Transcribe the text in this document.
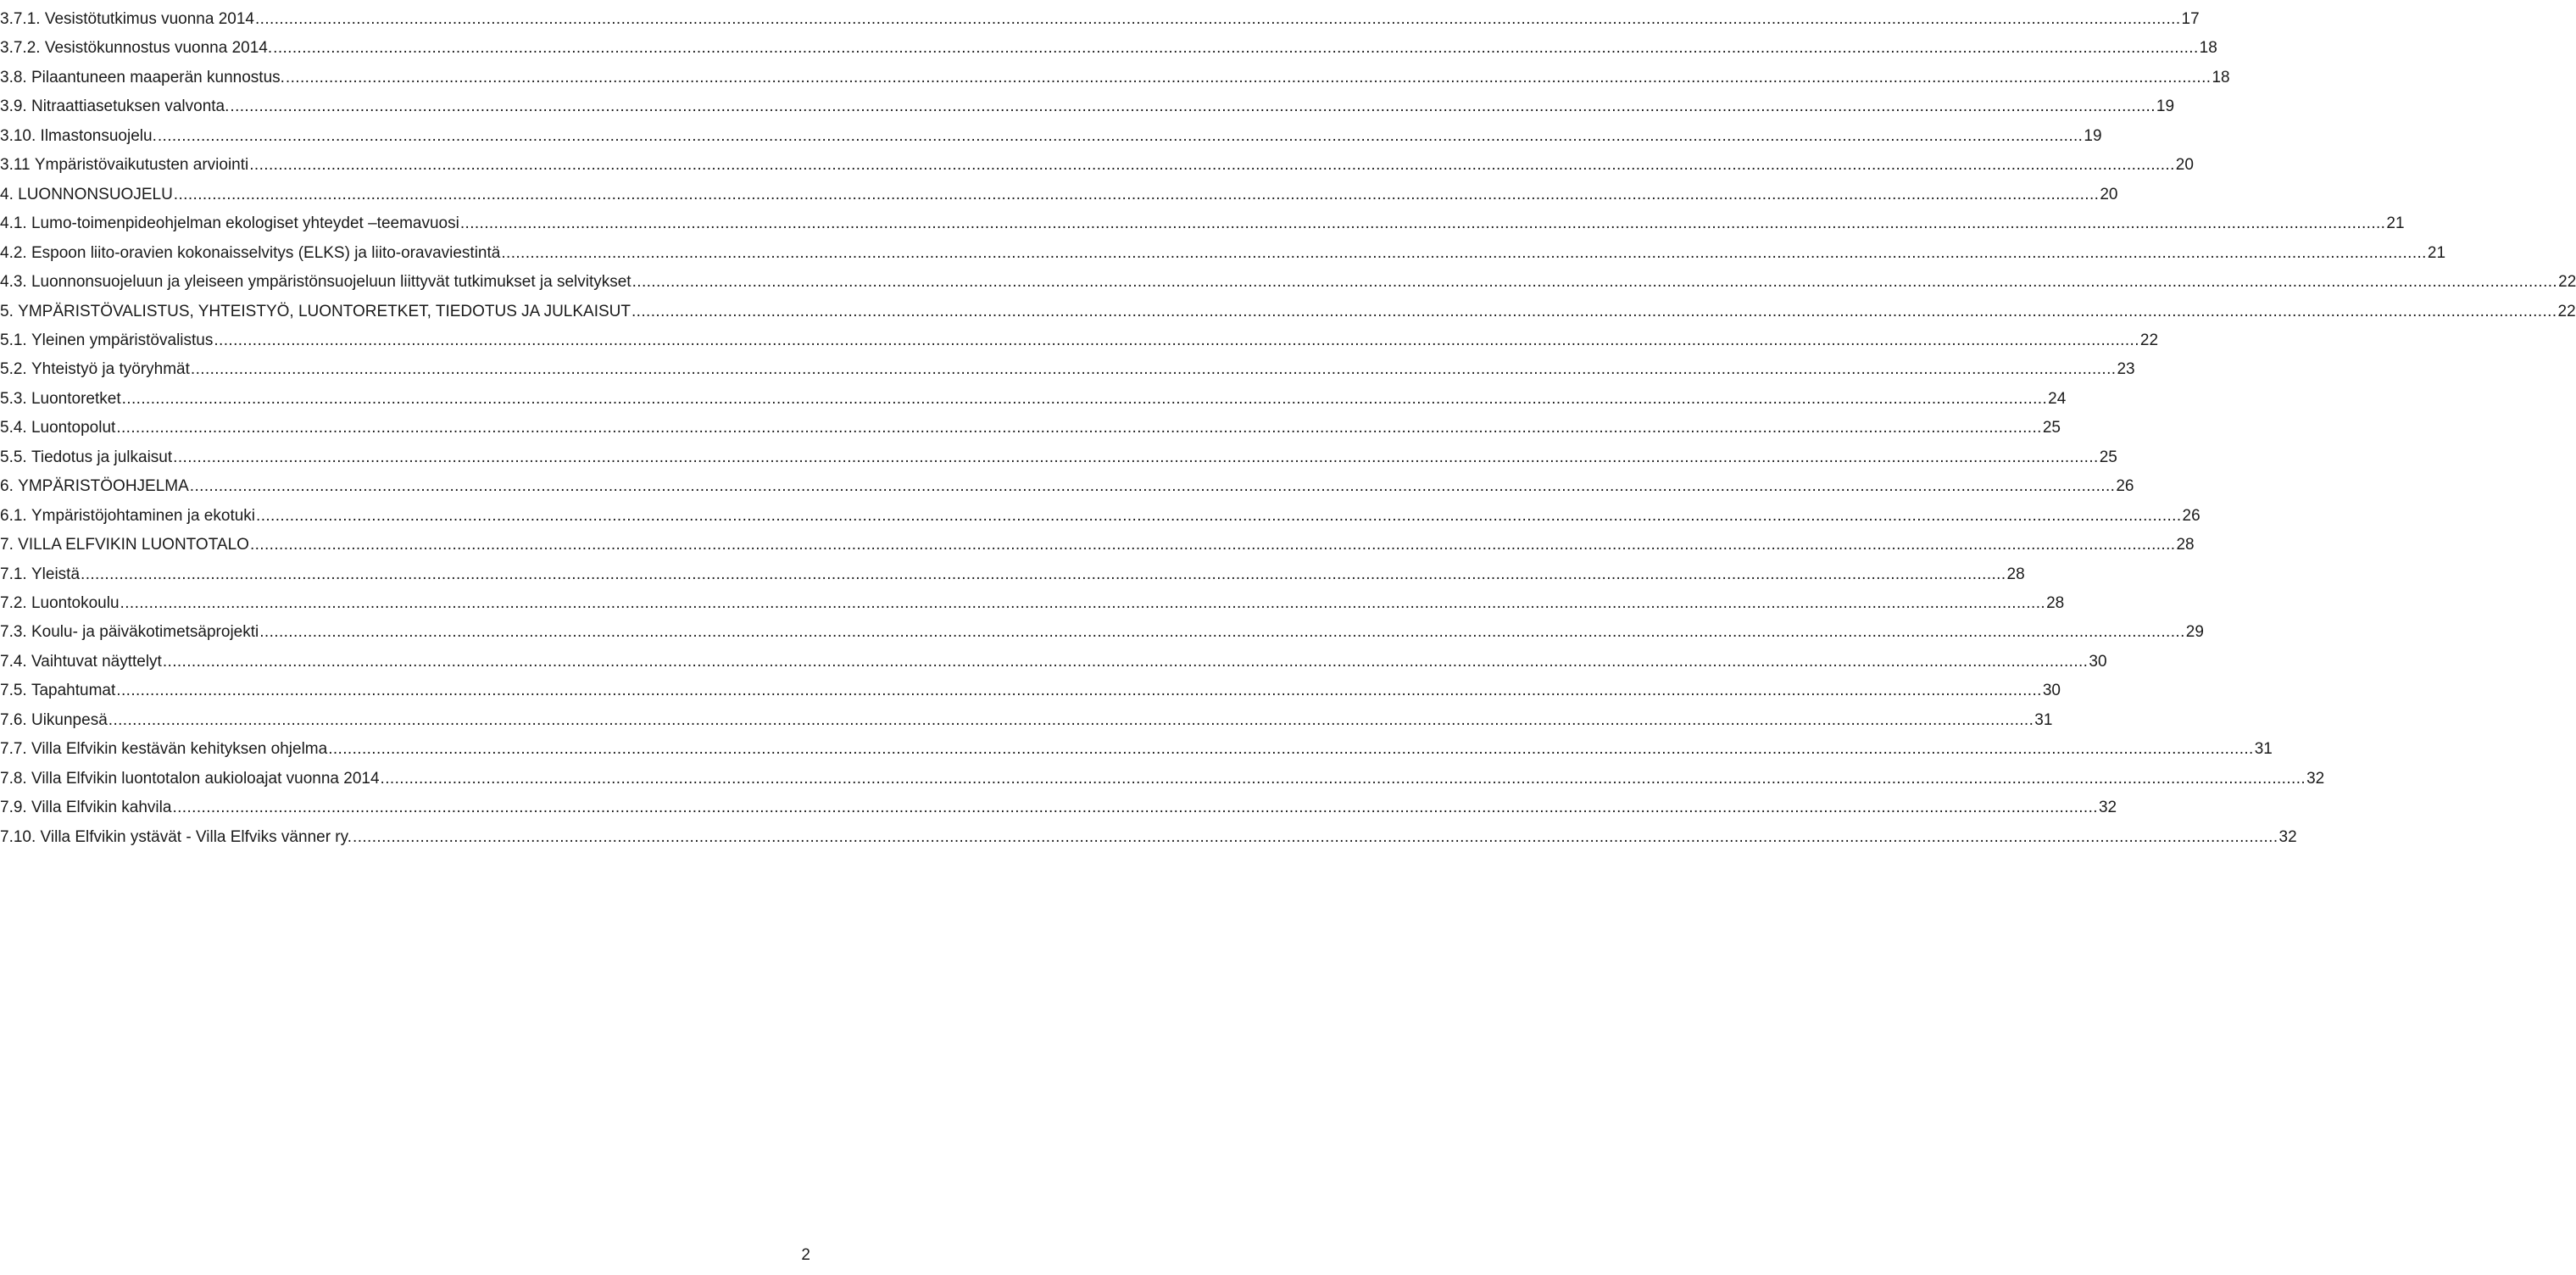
3.7.1.
Vesistötutkimus vuonna 2014 ................................................................................................................................................................................................................................................................................................................................................................................................................ 17
3.7.2.
Vesistökunnostus vuonna 2014. ................................................................................................................................................................................................................................................................................................................................................................................................................ 18
3.8.
Pilaantuneen maaperän kunnostus. ................................................................................................................................................................................................................................................................................................................................................................................................................ 18
3.9.
Nitraattiasetuksen valvonta. ................................................................................................................................................................................................................................................................................................................................................................................................................ 19
3.10.
Ilmastonsuojelu. ................................................................................................................................................................................................................................................................................................................................................................................................................ 19
3.11
Ympäristövaikutusten arviointi ................................................................................................................................................................................................................................................................................................................................................................................................................ 20
4.
LUONNONSUOJELU ................................................................................................................................................................................................................................................................................................................................................................................................................ 20
4.1.
Lumo-toimenpideohjelman ekologiset yhteydet –teemavuosi ................................................................................................................................................................................................................................................................................................................................................................................................................ 21
4.2.
Espoon liito-oravien kokonaisselvitys (ELKS) ja liito-oravaviestintä ................................................................................................................................................................................................................................................................................................................................................................................................................ 21
4.3.
Luonnonsuojeluun ja yleiseen ympäristönsuojeluun liittyvät tutkimukset ja selvitykset ................................................................................................................................................................................................................................................................................................................................................................................................................ 22
5.
YMPÄRISTÖVALISTUS, YHTEISTYÖ, LUONTORETKET, TIEDOTUS JA JULKAISUT ................................................................................................................................................................................................................................................................................................................................................................................................................ 22
5.1.
Yleinen ympäristövalistus ................................................................................................................................................................................................................................................................................................................................................................................................................ 22
5.2.
Yhteistyö ja työryhmät ................................................................................................................................................................................................................................................................................................................................................................................................................ 23
5.3.
Luontoretket ................................................................................................................................................................................................................................................................................................................................................................................................................ 24
5.4.
Luontopolut ................................................................................................................................................................................................................................................................................................................................................................................................................ 25
5.5.
Tiedotus ja julkaisut ................................................................................................................................................................................................................................................................................................................................................................................................................ 25
6.
YMPÄRISTÖOHJELMA ................................................................................................................................................................................................................................................................................................................................................................................................................ 26
6.1.
Ympäristöjohtaminen ja ekotuki ................................................................................................................................................................................................................................................................................................................................................................................................................ 26
7.
VILLA ELFVIKIN LUONTOTALO ................................................................................................................................................................................................................................................................................................................................................................................................................ 28
7.1.
Yleistä ................................................................................................................................................................................................................................................................................................................................................................................................................ 28
7.2.
Luontokoulu ................................................................................................................................................................................................................................................................................................................................................................................................................ 28
7.3.
Koulu- ja päiväkotimetsäprojekti ................................................................................................................................................................................................................................................................................................................................................................................................................ 29
7.4.
Vaihtuvat näyttelyt ................................................................................................................................................................................................................................................................................................................................................................................................................ 30
7.5.
Tapahtumat ................................................................................................................................................................................................................................................................................................................................................................................................................ 30
7.6.
Uikunpesä ................................................................................................................................................................................................................................................................................................................................................................................................................ 31
7.7.
Villa Elfvikin kestävän kehityksen ohjelma ................................................................................................................................................................................................................................................................................................................................................................................................................ 31
7.8.
Villa Elfvikin luontotalon aukioloajat vuonna 2014 ................................................................................................................................................................................................................................................................................................................................................................................................................ 32
7.9.
Villa Elfvikin kahvila ................................................................................................................................................................................................................................................................................................................................................................................................................ 32
7.10.
Villa Elfvikin ystävät - Villa Elfviks vänner ry. ................................................................................................................................................................................................................................................................................................................................................................................................................ 32
2
